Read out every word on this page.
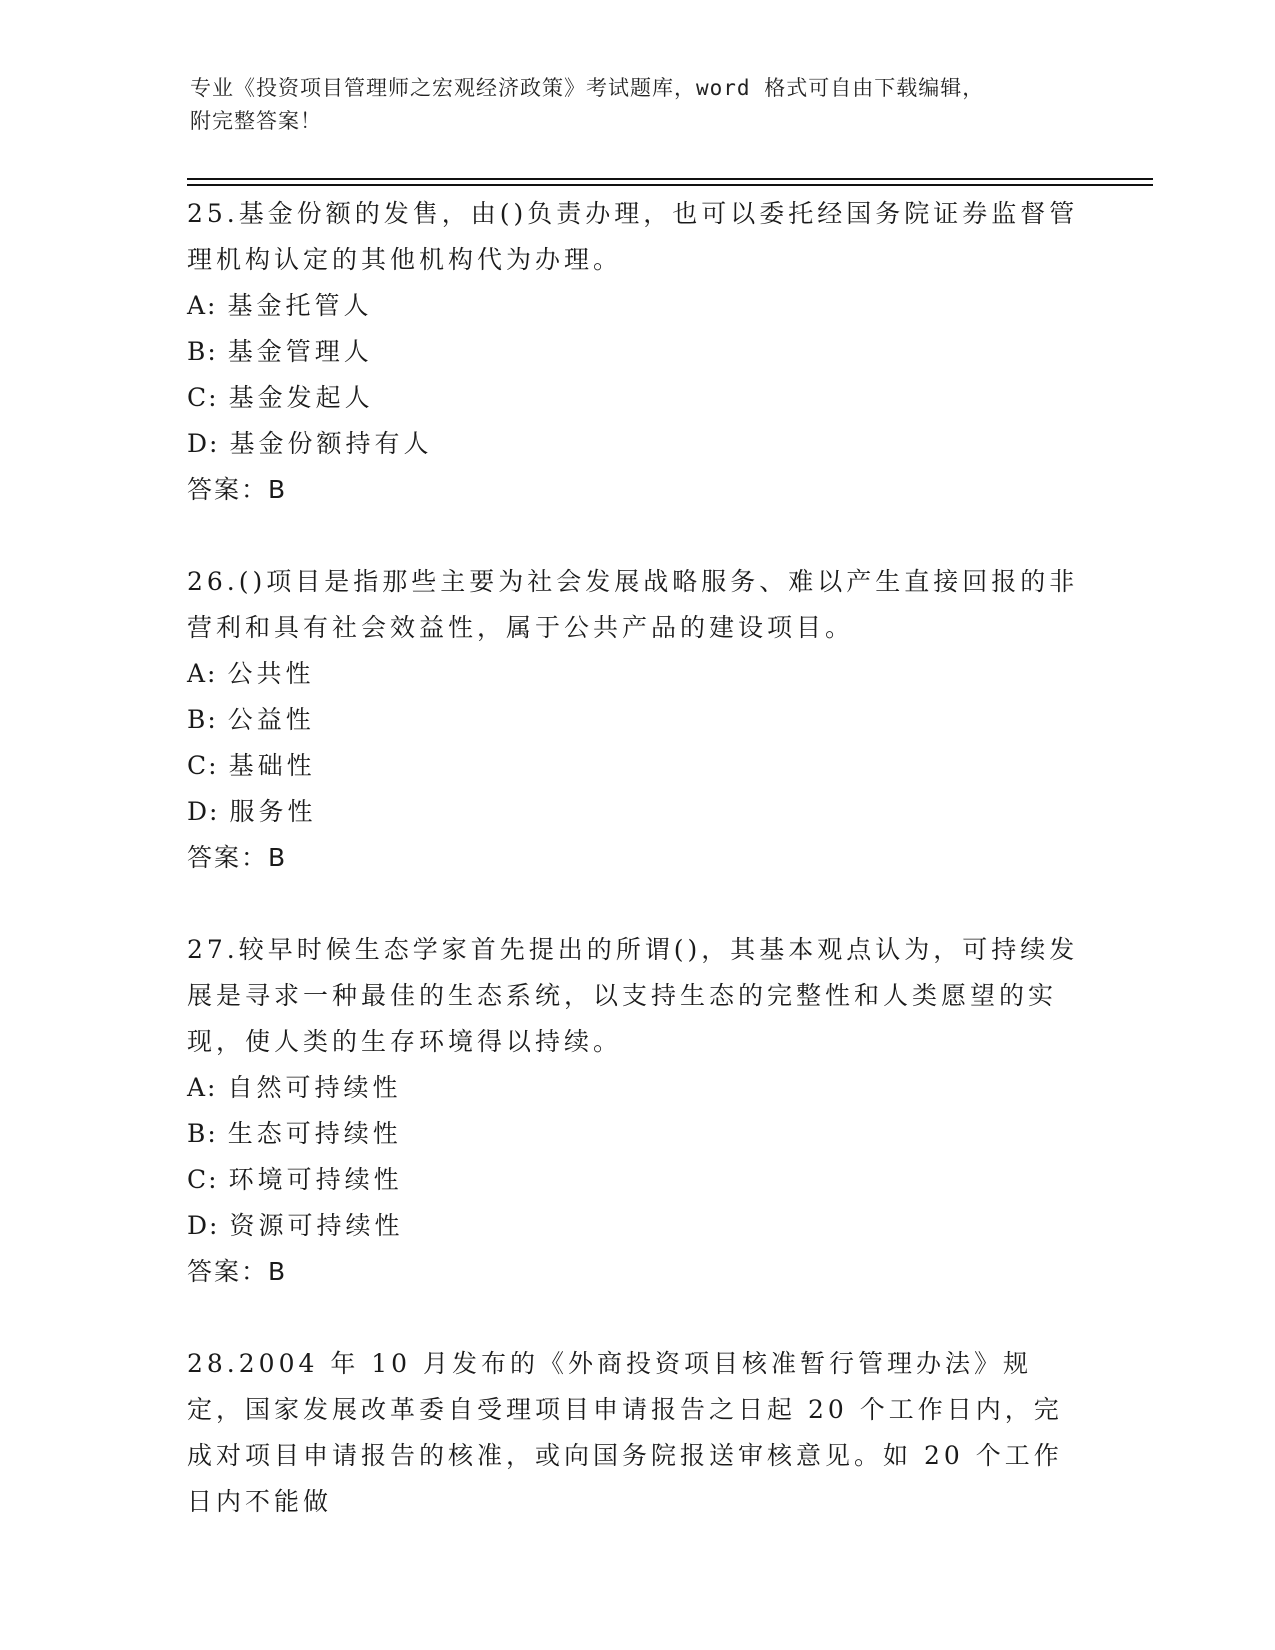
专业《投资项目管理师之宏观经济政策》考试题库，word 格式可自由下载编辑，
附完整答案！

25.基金份额的发售，由()负责办理，也可以委托经国务院证券监督管理机构认定的其他机构代为办理。

A: 基金托管人

B: 基金管理人

C: 基金发起人

D: 基金份额持有人

答案：B

26.()项目是指那些主要为社会发展战略服务、难以产生直接回报的非营利和具有社会效益性，属于公共产品的建设项目。

A: 公共性

B: 公益性

C: 基础性

D: 服务性

答案：B

27.较早时候生态学家首先提出的所谓()，其基本观点认为，可持续发展是寻求一种最佳的生态系统，以支持生态的完整性和人类愿望的实现，使人类的生存环境得以持续。

A: 自然可持续性

B: 生态可持续性

C: 环境可持续性

D: 资源可持续性

答案：B

28.2004 年 10 月发布的《外商投资项目核准暂行管理办法》规定，国家发展改革委自受理项目申请报告之日起 20 个工作日内，完成对项目申请报告的核准，或向国务院报送审核意见。如 20 个工作日内不能做
